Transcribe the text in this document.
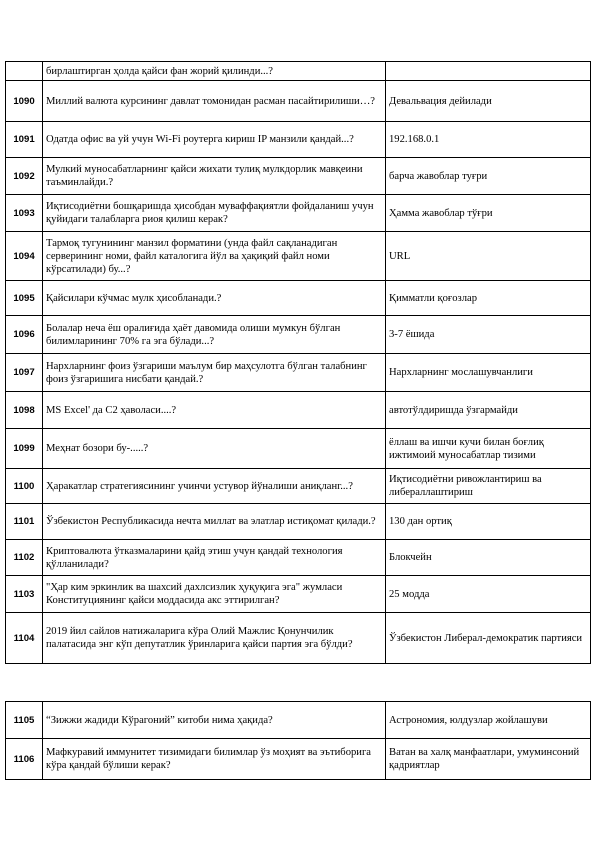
	бирлаштирган ҳолда қайси фан жорий қилинди...?	
1090	Миллий валюта курсининг давлат томонидан расман пасайтирилиши…?	Девальвация дейилади
1091	Одатда офис ва уй учун Wi-Fi роутерга кириш IP манзили қандай...?	192.168.0.1
1092	Мулкий муносабатларнинг қайси жихати тулиқ мулкдорлик мавқеини таъминлайди.?	барча жавоблар туғри
1093	Иқтисодиётни бошқаришда ҳисобдан муваффақиятли фойдаланиш учун қуйидаги талабларга риоя қилиш керак?	Ҳамма жавоблар тўғри
1094	Тармоқ тугунининг манзил форматини (унда файл сақланадиган серверининг номи, файл каталогига йўл ва ҳақиқий файл номи кўрсатилади) бу...?	URL
1095	Қайсилари кўчмас мулк ҳисобланади.?	Қимматли қоғозлар
1096	Болалар неча ёш оралиғида ҳаёт давомида олиши мумкун бўлган билимларининг 70% га эга бўлади...?	3-7 ёшида
1097	Нархларнинг фоиз ўзгариши маълум бир маҳсулотга бўлган талабнинг фоиз ўзгаришига нисбати қандай.?	Нархларнинг мослашувчанлиги
1098	MS Excel' да C2 ҳаволаси....?	автотўлдиришда ўзгармайди
1099	Меҳнат бозори бу-.....?	ёллаш ва ишчи кучи билан боғлиқ ижтимоий муносабатлар тизими
1100	Ҳаракатлар стратегиясининг учинчи устувор йўналиши аниқланг...?	Иқтисодиётни ривожлантириш ва либераллаштириш
1101	Ўзбекистон Республикасида нечта миллат ва элатлар истиқомат қилади.?	130 дан ортиқ
1102	Криптовалюта ўтказмаларини қайд этиш учун қандай технология қўлланилади?	Блокчейн
1103	"Ҳар ким эркинлик ва шахсий дахлсизлик ҳуқуқига эга" жумласи Конституциянинг қайси моддасида акс эттирилган?	25 модда
1104	2019 йил сайлов натижаларига кўра Олий Мажлис Қонунчилик палатасида энг кўп депутатлик ўринларига қайси партия эга бўлди?	Ўзбекистон Либерал-демократик партияси
1105	“Зижжи жадиди Кўрагоний” китоби нима ҳақида?	Астрономия, юлдузлар жойлашуви
1106	Мафкуравий иммунитет тизимидаги билимлар ўз моҳият ва эътиборига кўра қандай бўлиши керак?	Ватан ва халқ манфаатлари, умуминсоний қадриятлар
